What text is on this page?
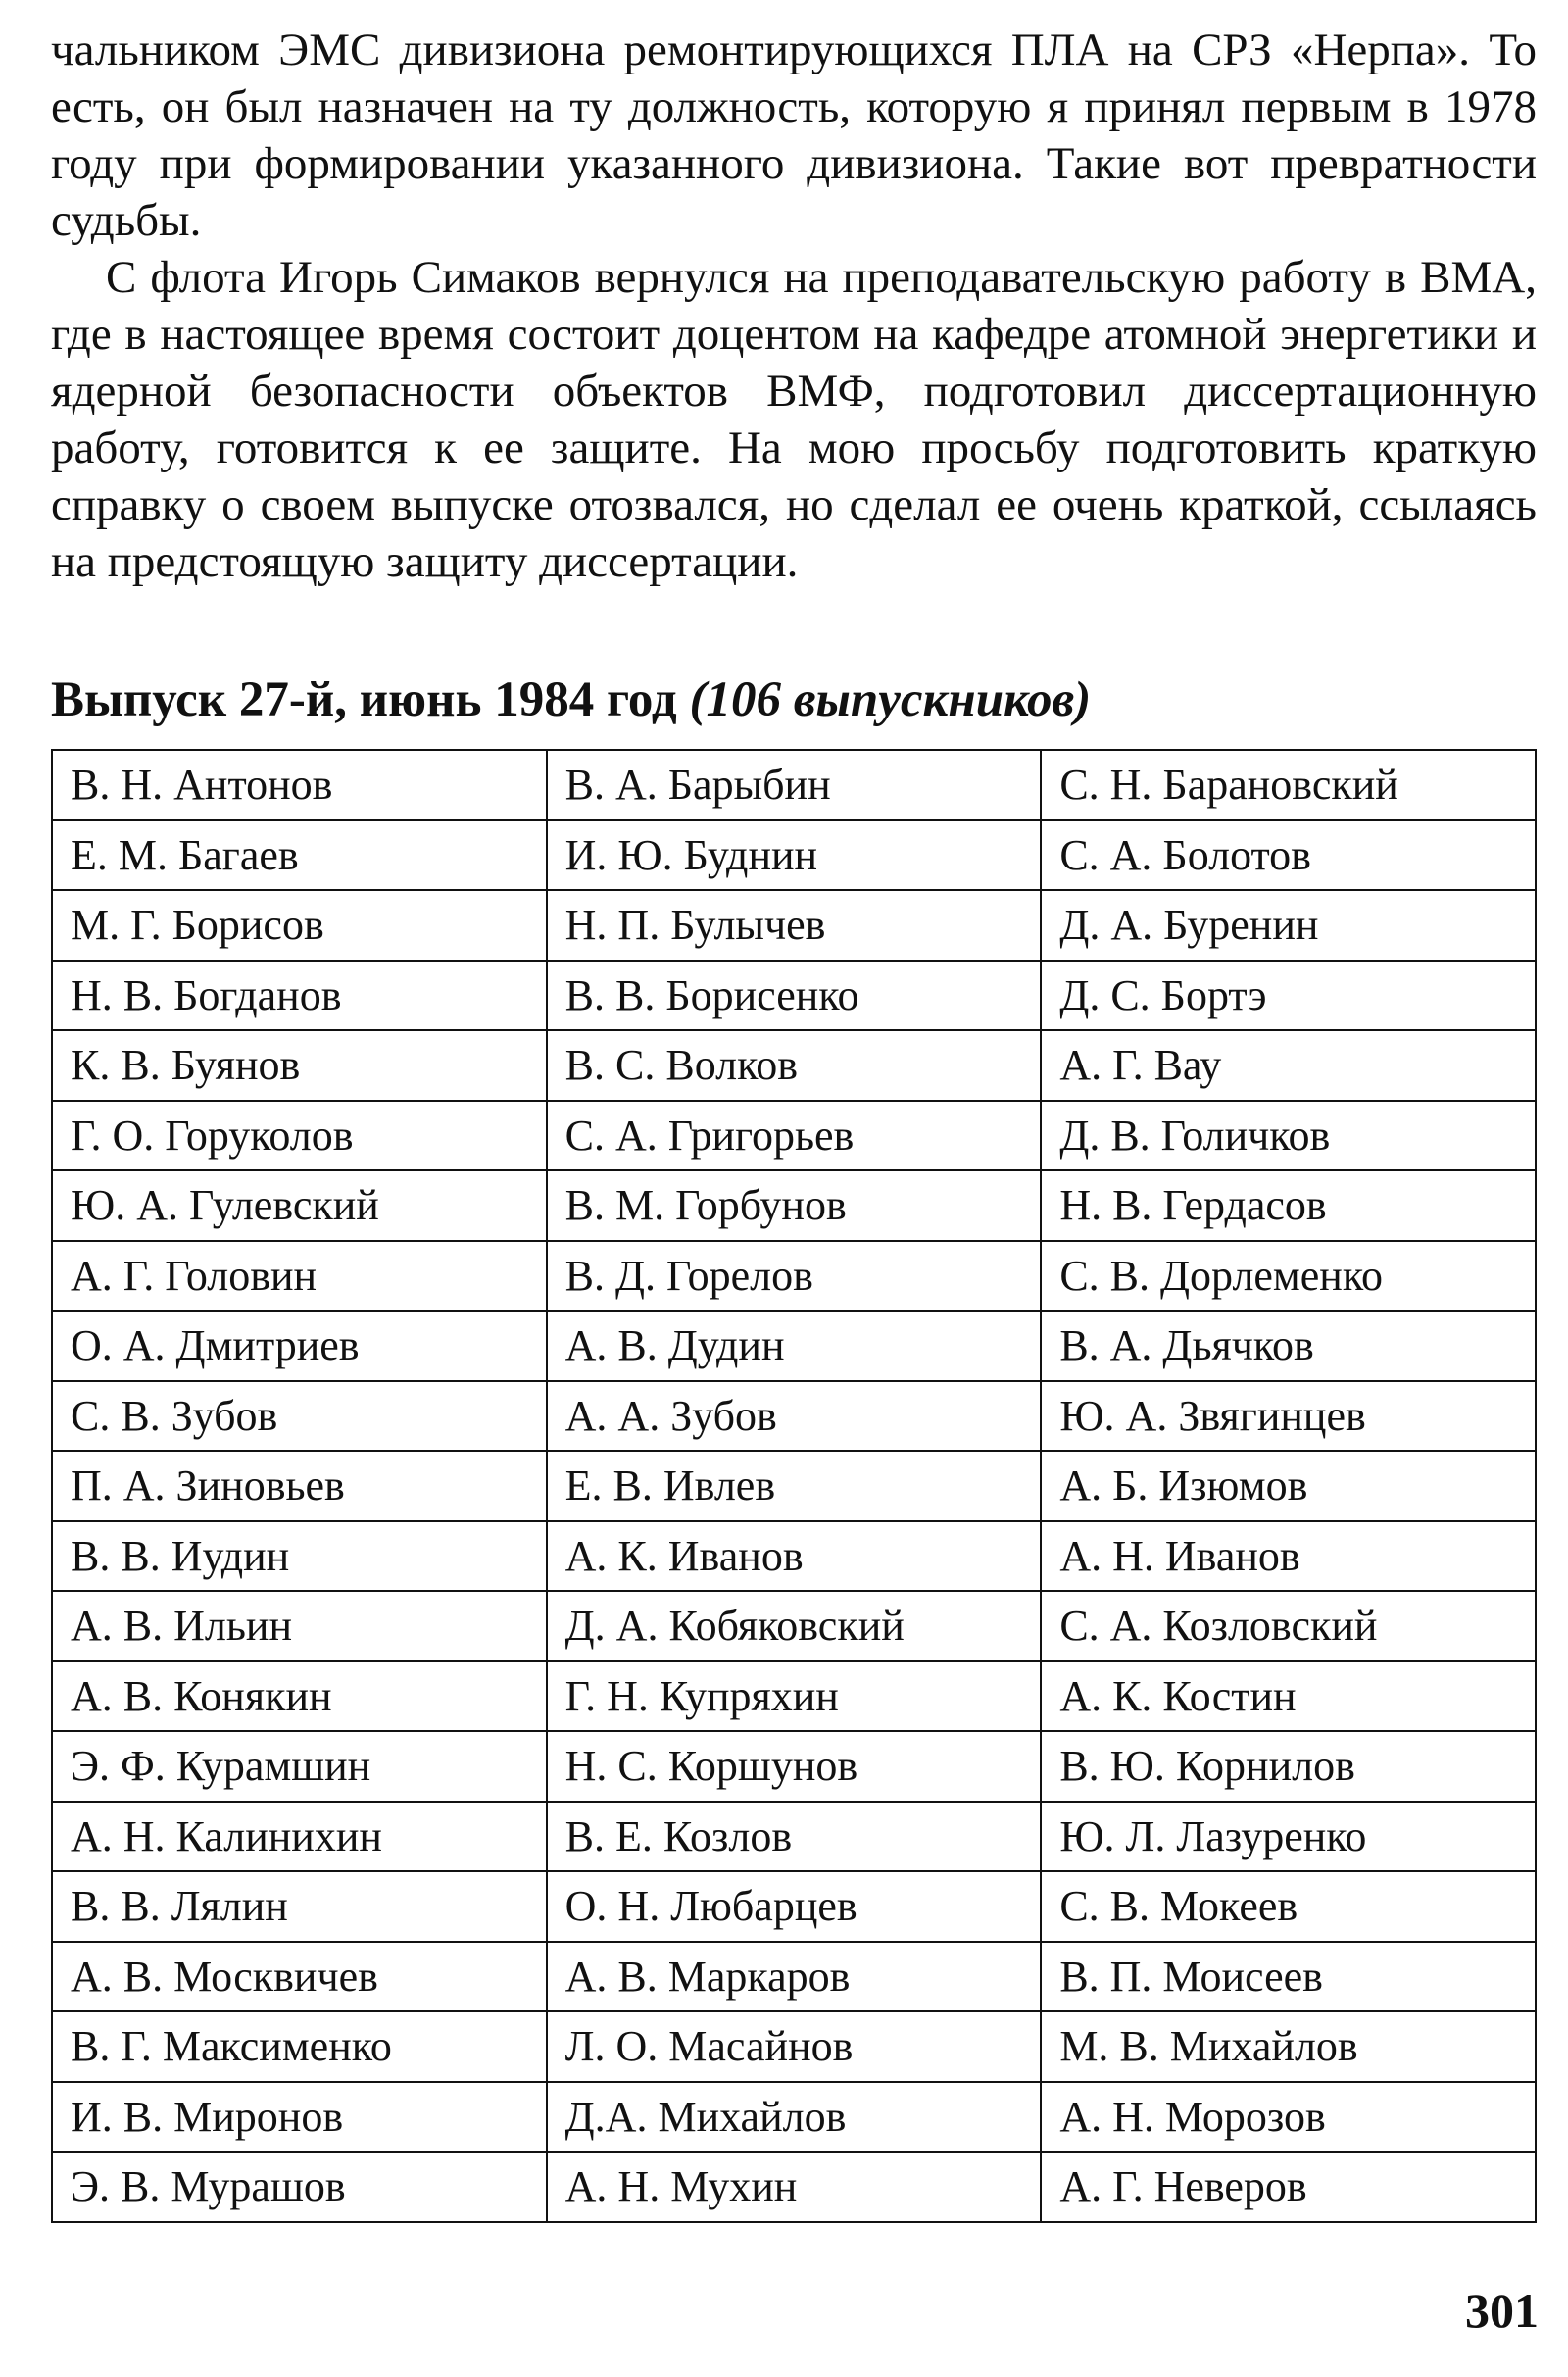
чальником ЭМС дивизиона ремонтирующихся ПЛА на СРЗ «Нерпа». То есть, он был назначен на ту должность, которую я принял первым в 1978 году при формировании указанного дивизиона. Такие вот превратности судьбы.

С флота Игорь Симаков вернулся на преподавательскую работу в ВМА, где в настоящее время состоит доцентом на кафедре атомной энергетики и ядерной безопасности объектов ВМФ, подготовил диссертационную работу, готовится к ее защите. На мою просьбу подготовить краткую справку о своем выпуске отозвался, но сделал ее очень краткой, ссылаясь на предстоящую защиту диссертации.

Выпуск 27-й, июнь 1984 год (106 выпускников)
В. Н. Антонов	В. А. Барыбин	С. Н. Барановский
Е. М. Багаев	И. Ю. Буднин	С. А. Болотов
М. Г. Борисов	Н. П. Булычев	Д. А. Буренин
Н. В. Богданов	В. В. Борисенко	Д. С. Бортэ
К. В. Буянов	В. С. Волков	А. Г. Вау
Г. О. Горуколов	С. А. Григорьев	Д. В. Голичков
Ю. А. Гулевский	В. М. Горбунов	Н. В. Гердасов
А. Г. Головин	В. Д. Горелов	С. В. Дорлеменко
О. А. Дмитриев	А. В. Дудин	В. А. Дьячков
С. В. Зубов	А. А. Зубов	Ю. А. Звягинцев
П. А. Зиновьев	Е. В. Ивлев	А. Б. Изюмов
В. В. Иудин	А. К. Иванов	А. Н. Иванов
А. В. Ильин	Д. А. Кобяковский	С. А. Козловский
А. В. Конякин	Г. Н. Купряхин	А. К. Костин
Э. Ф. Курамшин	Н. С. Коршунов	В. Ю. Корнилов
А. Н. Калинихин	В. Е. Козлов	Ю. Л. Лазуренко
В. В. Лялин	О. Н. Любарцев	С. В. Мокеев
А. В. Москвичев	А. В. Маркаров	В. П. Моисеев
В. Г. Максименко	Л. О. Масайнов	М. В. Михайлов
И. В. Миронов	Д.А. Михайлов	А. Н. Морозов
Э. В. Мурашов	А. Н. Мухин	А. Г. Неверов
301
